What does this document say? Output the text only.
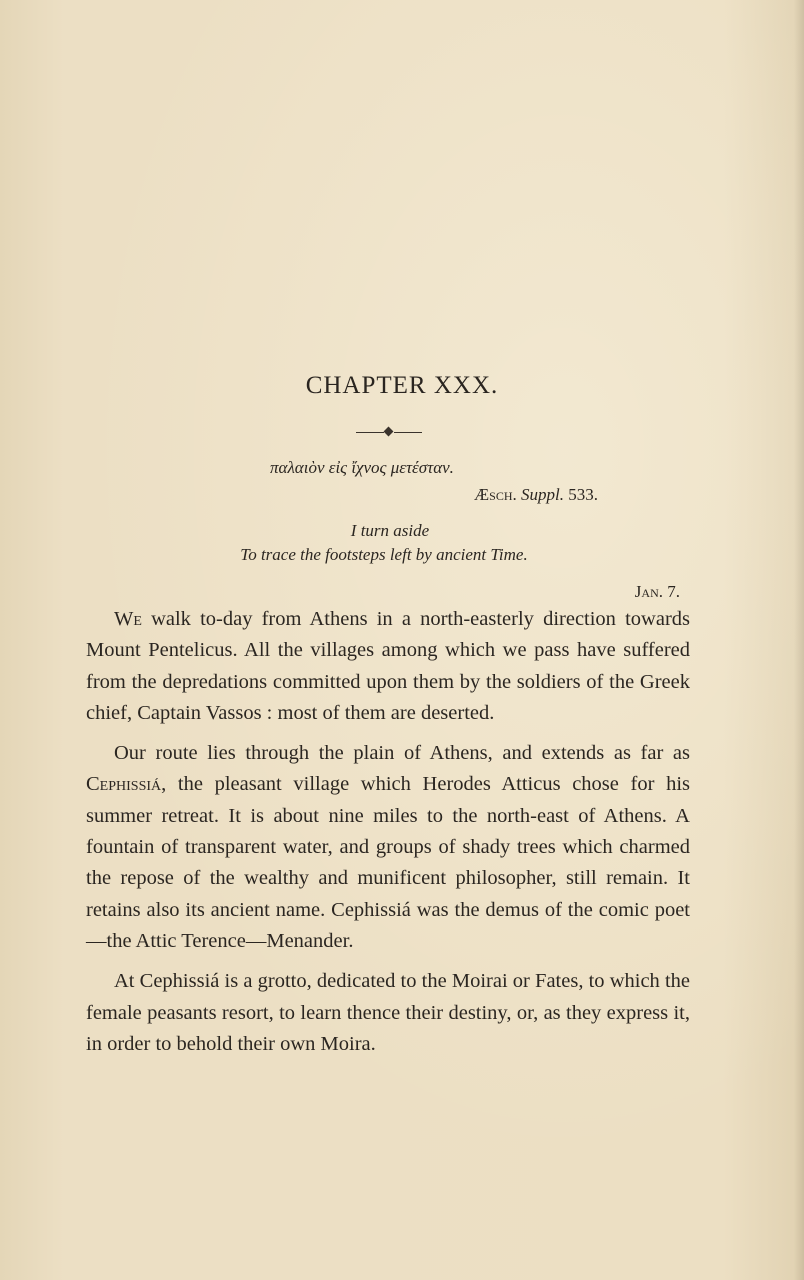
CHAPTER XXX.
παλαιὸν εἰς ἴχνος μετέσταν.
Æsch. Suppl. 533.
I turn aside
To trace the footsteps left by ancient Time.
Jan. 7.

We walk to-day from Athens in a north-easterly direction towards Mount Pentelicus. All the villages among which we pass have suffered from the depredations committed upon them by the soldiers of the Greek chief, Captain Vassos : most of them are deserted.

Our route lies through the plain of Athens, and extends as far as Cephissiá, the pleasant village which Herodes Atticus chose for his summer retreat. It is about nine miles to the north-east of Athens. A fountain of transparent water, and groups of shady trees which charmed the repose of the wealthy and munificent philosopher, still remain. It retains also its ancient name. Cephissiá was the demus of the comic poet—the Attic Terence—Menander.

At Cephissiá is a grotto, dedicated to the Moirai or Fates, to which the female peasants resort, to learn thence their destiny, or, as they express it, in order to behold their own Moira.
